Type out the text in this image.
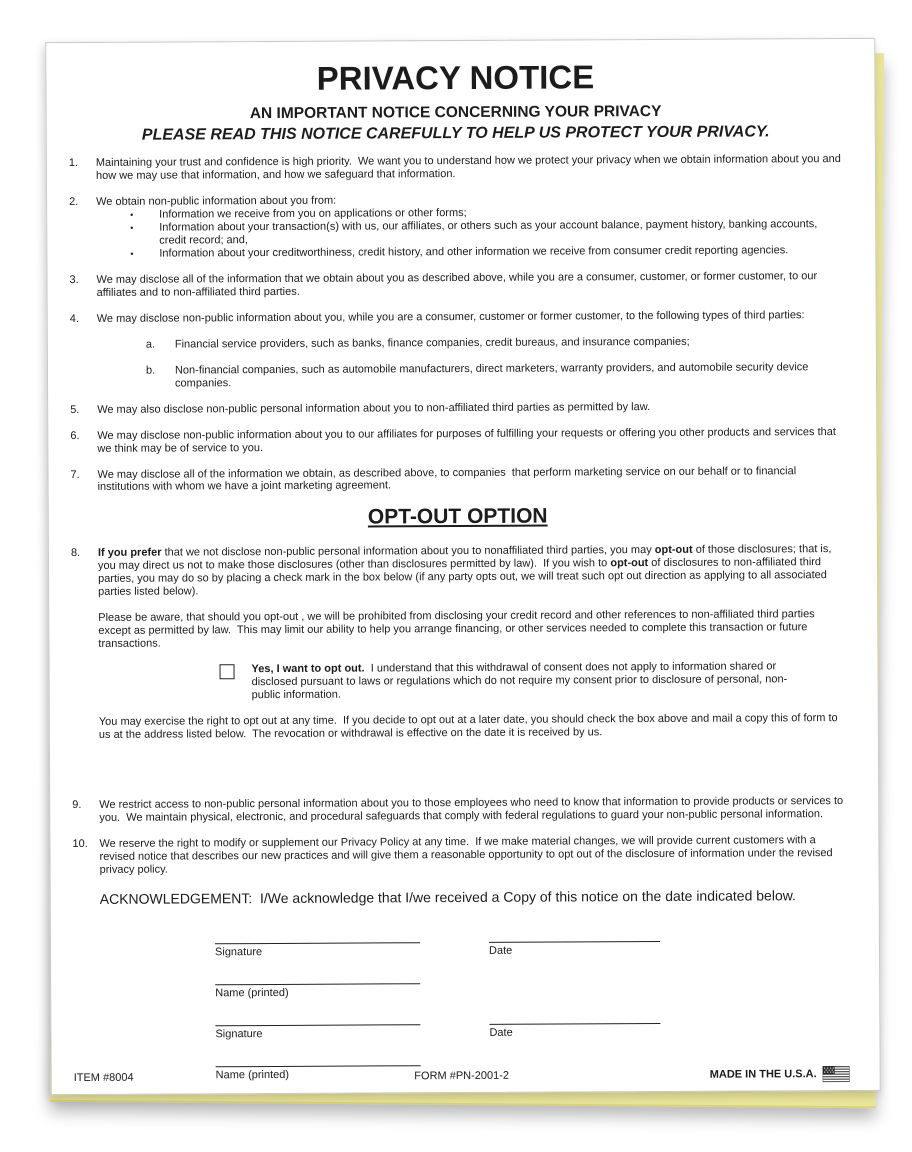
PRIVACY NOTICE
AN IMPORTANT NOTICE CONCERNING YOUR PRIVACY
PLEASE READ THIS NOTICE CAREFULLY TO HELP US PROTECT YOUR PRIVACY.
1.	Maintaining your trust and confidence is high priority.  We want you to understand how we protect your privacy when we obtain information about you and how we may use that information, and how we safeguard that information.
2.	We obtain non-public information about you from:
•	Information we receive from you on applications or other forms;
•	Information about your transaction(s) with us, our affiliates, or others such as your account balance, payment history, banking accounts, credit record; and,
•	Information about your creditworthiness, credit history, and other information we receive from consumer credit reporting agencies.
3.	We may disclose all of the information that we obtain about you as described above, while you are a consumer, customer, or former customer, to our affiliates and to non-affiliated third parties.
4.	We may disclose non-public information about you, while you are a consumer, customer or former customer, to the following types of third parties:
a.	Financial service providers, such as banks, finance companies, credit bureaus, and insurance companies;
b.	Non-financial companies, such as automobile manufacturers, direct marketers, warranty providers, and automobile security device companies.
5.	We may also disclose non-public personal information about you to non-affiliated third parties as permitted by law.
6.	We may disclose non-public information about you to our affiliates for purposes of fulfilling your requests or offering you other products and services that we think may be of service to you.
7.	We may disclose all of the information we obtain, as described above, to companies  that perform marketing service on our behalf or to financial institutions with whom we have a joint marketing agreement.
OPT-OUT OPTION
8.	If you prefer that we not disclose non-public personal information about you to nonaffiliated third parties, you may opt-out of those disclosures; that is, you may direct us not to make those disclosures (other than disclosures permitted by law).  If you wish to opt-out of disclosures to non-affiliated third parties, you may do so by placing a check mark in the box below (if any party opts out, we will treat such opt out direction as applying to all associated parties listed below).

Please be aware, that should you opt-out , we will be prohibited from disclosing your credit record and other references to non-affiliated third parties except as permitted by law.  This may limit our ability to help you arrange financing, or other services needed to complete this transaction or future transactions.

Yes, I want to opt out.  I understand that this withdrawal of consent does not apply to information shared or disclosed pursuant to laws or regulations which do not require my consent prior to disclosure of personal, non-public information.

You may exercise the right to opt out at any time.  If you decide to opt out at a later date, you should check the box above and mail a copy this of form to us at the address listed below.  The revocation or withdrawal is effective on the date it is received by us.

9.	We restrict access to non-public personal information about you to those employees who need to know that information to provide products or services to you.  We maintain physical, electronic, and procedural safeguards that comply with federal regulations to guard your non-public personal information.
10.	We reserve the right to modify or supplement our Privacy Policy at any time.  If we make material changes, we will provide current customers with a revised notice that describes our new practices and will give them a reasonable opportunity to opt out of the disclosure of information under the revised privacy policy.
ACKNOWLEDGEMENT:  I/We acknowledge that I/we received a Copy of this notice on the date indicated below.
Signature	Date
Name (printed)
Signature	Date
Name (printed)
ITEM #8004	FORM #PN-2001-2	MADE IN THE U.S.A.
